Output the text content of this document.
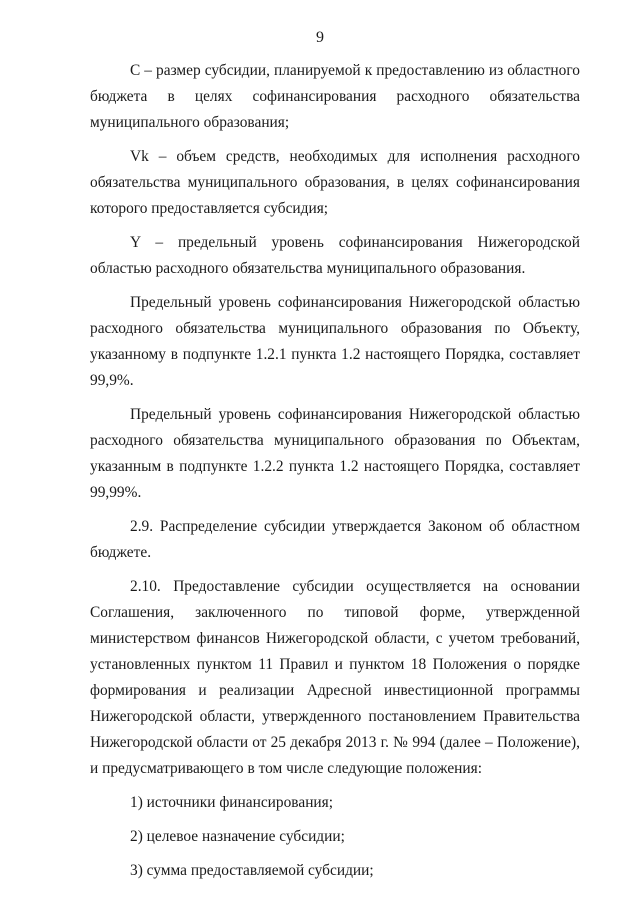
9
С – размер субсидии, планируемой к предоставлению из областного
бюджета в целях софинансирования расходного обязательства
муниципального образования;
Vk – объем средств, необходимых для исполнения расходного
обязательства муниципального образования, в целях софинансирования
которого предоставляется субсидия;
Y – предельный уровень софинансирования Нижегородской
областью расходного обязательства муниципального образования.
Предельный уровень софинансирования Нижегородской областью
расходного обязательства муниципального образования по Объекту,
указанному в подпункте 1.2.1 пункта 1.2 настоящего Порядка, составляет
99,9%.
Предельный уровень софинансирования Нижегородской областью
расходного обязательства муниципального образования по Объектам,
указанным в подпункте 1.2.2 пункта 1.2 настоящего Порядка, составляет
99,99%.
2.9. Распределение субсидии утверждается Законом об областном
бюджете.
2.10. Предоставление субсидии осуществляется на основании
Соглашения, заключенного по типовой форме, утвержденной
министерством финансов Нижегородской области, с учетом требований,
установленных пунктом 11 Правил и пунктом 18 Положения о порядке
формирования и реализации Адресной инвестиционной программы
Нижегородской области, утвержденного постановлением Правительства
Нижегородской области от 25 декабря 2013 г. № 994 (далее – Положение),
и предусматривающего в том числе следующие положения:
1) источники финансирования;
2) целевое назначение субсидии;
3) сумма предоставляемой субсидии;
